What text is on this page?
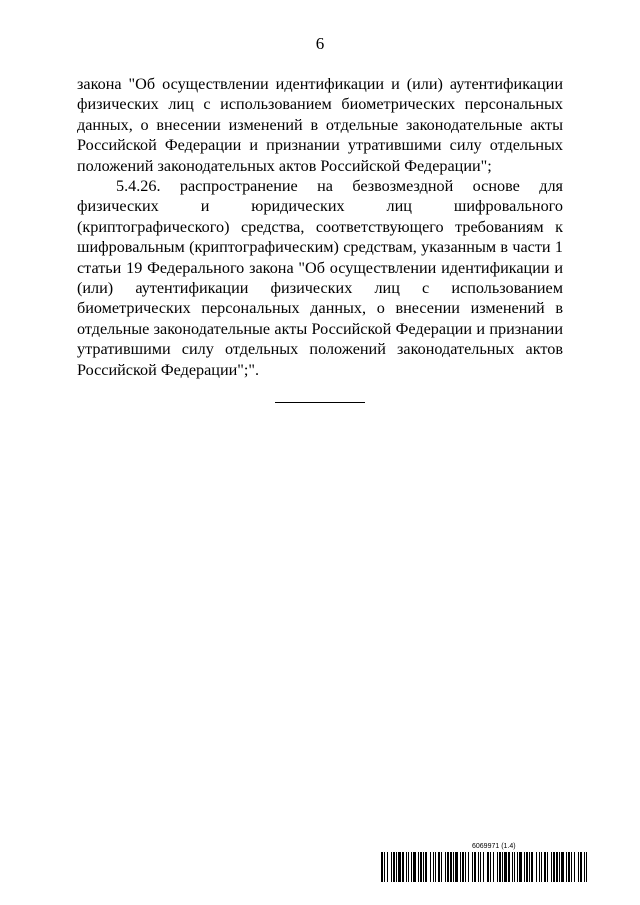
6

закона "Об осуществлении идентификации и (или) аутентификации физических лиц с использованием биометрических персональных данных, о внесении изменений в отдельные законодательные акты Российской Федерации и признании утратившими силу отдельных положений законодательных актов Российской Федерации";

5.4.26. распространение на безвозмездной основе для физических и юридических лиц шифровального (криптографического) средства, соответствующего требованиям к шифровальным (криптографическим) средствам, указанным в части 1 статьи 19 Федерального закона "Об осуществлении идентификации и (или) аутентификации физических лиц с использованием биометрических персональных данных, о внесении изменений в отдельные законодательные акты Российской Федерации и признании утратившими силу отдельных положений законодательных актов Российской Федерации";".

6069971 (1.4)
